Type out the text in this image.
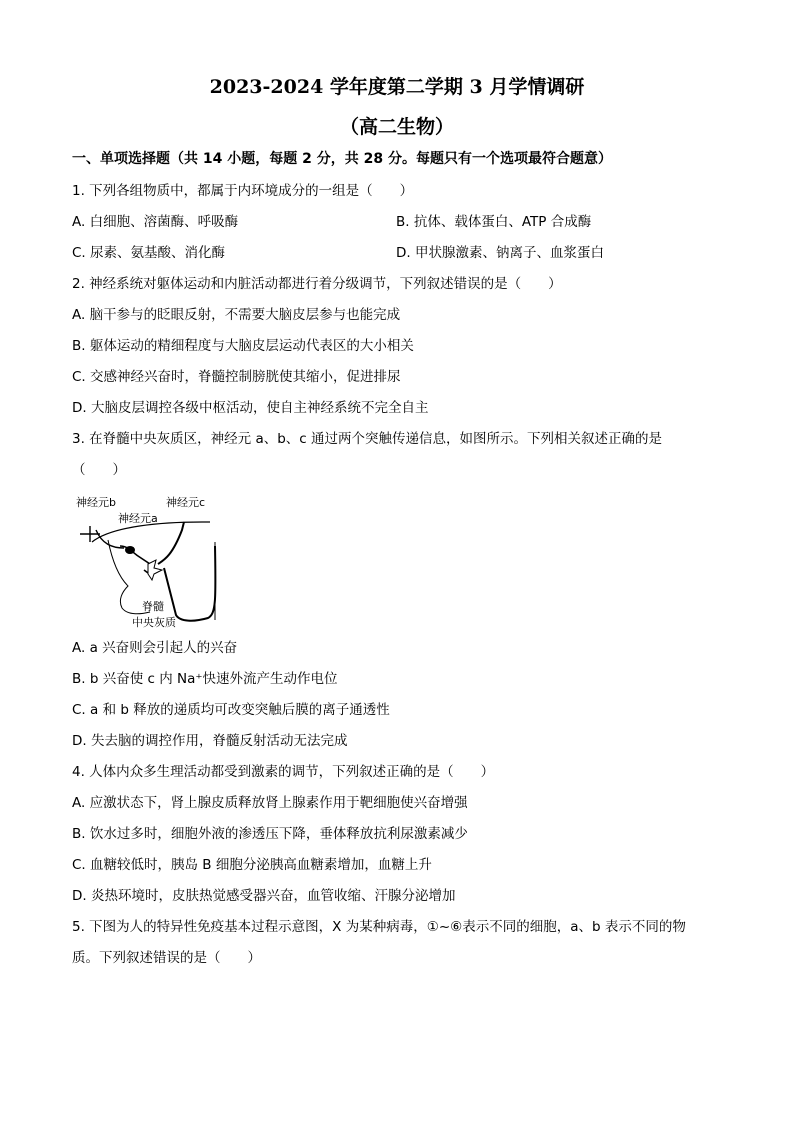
2023-2024 学年度第二学期 3 月学情调研
（高二生物）
一、单项选择题（共 14 小题，每题 2 分，共 28 分。每题只有一个选项最符合题意）
1. 下列各组物质中，都属于内环境成分的一组是（　　）
A. 白细胞、溶菌酶、呼吸酶	B. 抗体、载体蛋白、ATP 合成酶
C. 尿素、氨基酸、消化酶	D. 甲状腺激素、钠离子、血浆蛋白
2. 神经系统对躯体运动和内脏活动都进行着分级调节，下列叙述错误的是（　　）
A. 脑干参与的眨眼反射，不需要大脑皮层参与也能完成
B. 躯体运动的精细程度与大脑皮层运动代表区的大小相关
C. 交感神经兴奋时，脊髓控制膀胱使其缩小，促进排尿
D. 大脑皮层调控各级中枢活动，使自主神经系统不完全自主
3. 在脊髓中央灰质区，神经元 a、b、c 通过两个突触传递信息，如图所示。下列相关叙述正确的是
（　　）
神经元b	神经元c
神经元a
脊髓
中央灰质
A. a 兴奋则会引起人的兴奋
B. b 兴奋使 c 内 Na⁺快速外流产生动作电位
C. a 和 b 释放的递质均可改变突触后膜的离子通透性
D. 失去脑的调控作用，脊髓反射活动无法完成
4. 人体内众多生理活动都受到激素的调节，下列叙述正确的是（　　）
A. 应激状态下，肾上腺皮质释放肾上腺素作用于靶细胞使兴奋增强
B. 饮水过多时，细胞外液的渗透压下降，垂体释放抗利尿激素减少
C. 血糖较低时，胰岛 B 细胞分泌胰高血糖素增加，血糖上升
D. 炎热环境时，皮肤热觉感受器兴奋，血管收缩、汗腺分泌增加
5. 下图为人的特异性免疫基本过程示意图，X 为某种病毒，①~⑥表示不同的细胞，a、b 表示不同的物
质。下列叙述错误的是（　　）
